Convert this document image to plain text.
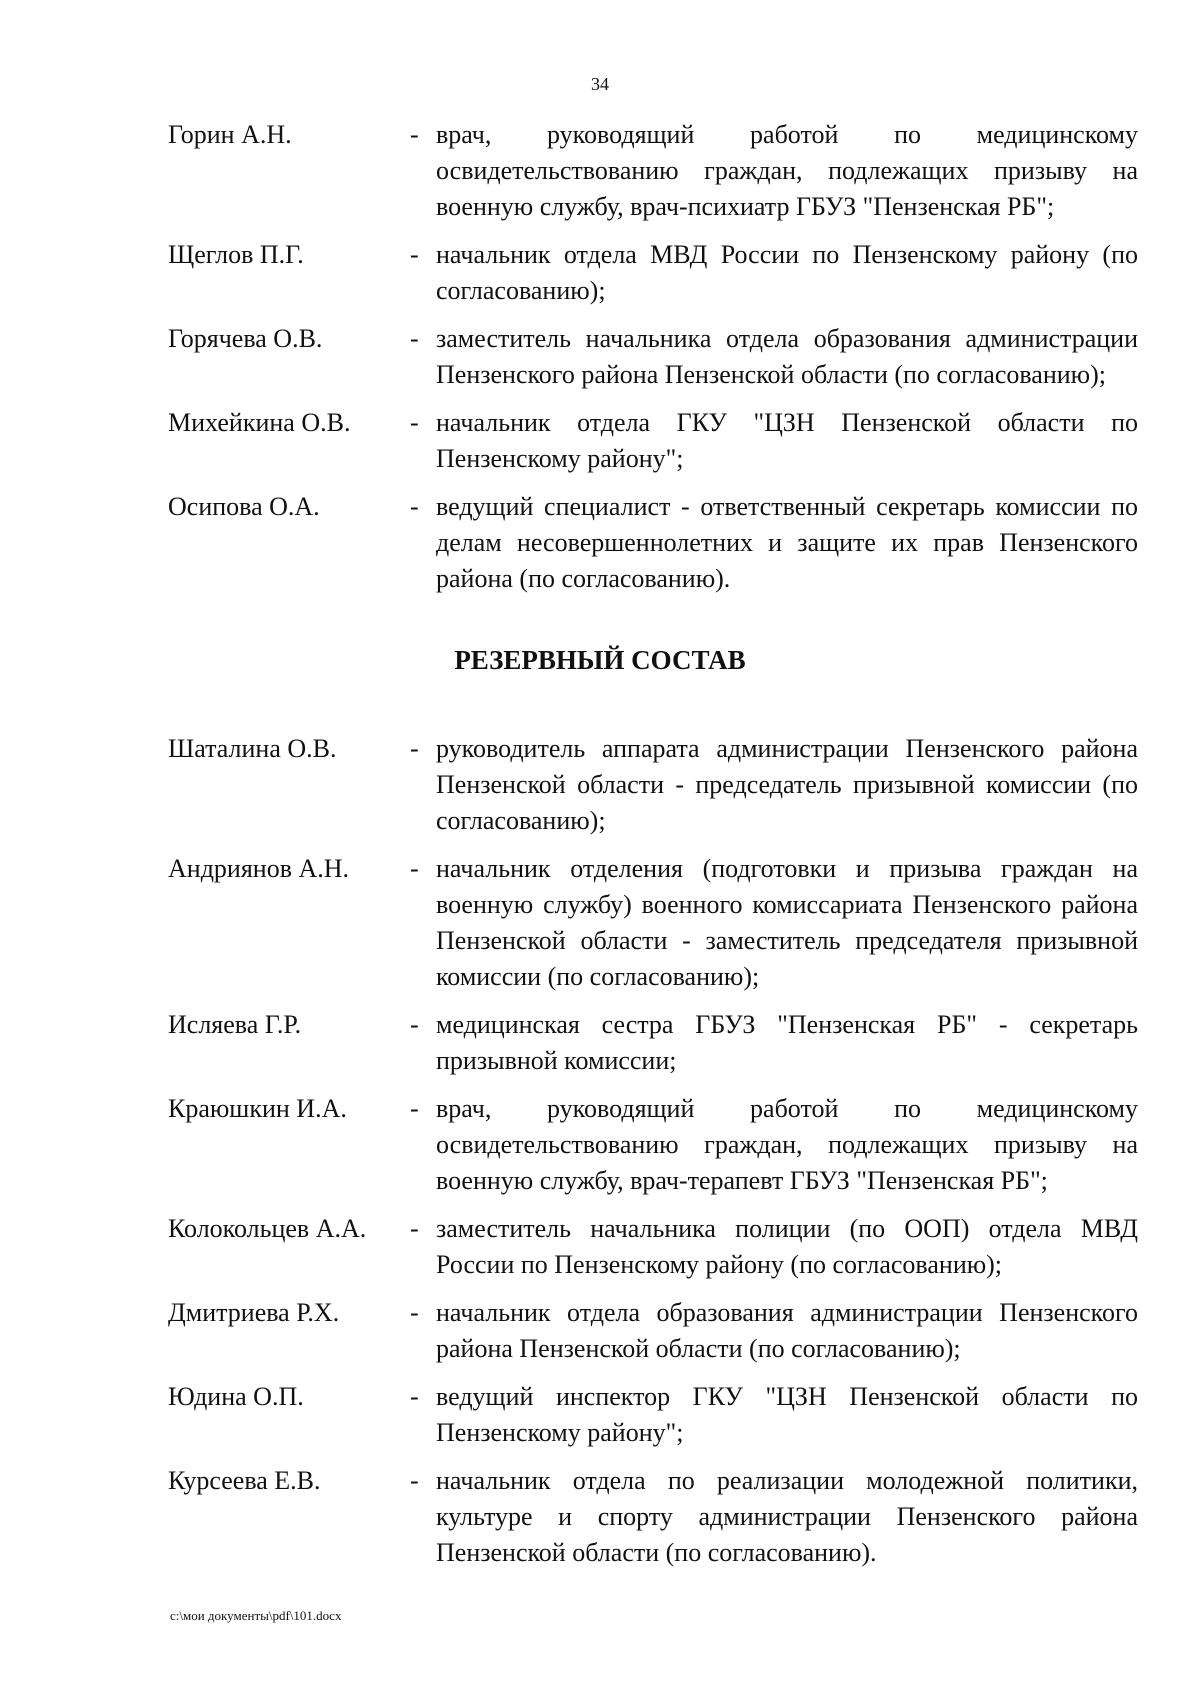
34
Горин А.Н.	- врач, руководящий работой по медицинскому освидетельствованию граждан, подлежащих призыву на военную службу, врач-психиатр ГБУЗ "Пензенская РБ";
Щеглов П.Г.	- начальник отдела МВД России по Пензенскому району (по согласованию);
Горячева О.В.	- заместитель начальника отдела образования администрации Пензенского района Пензенской области (по согласованию);
Михейкина О.В.	- начальник отдела ГКУ "ЦЗН Пензенской области по Пензенскому району";
Осипова О.А.	- ведущий специалист - ответственный секретарь комиссии по делам несовершеннолетних и защите их прав Пензенского района (по согласованию).
РЕЗЕРВНЫЙ СОСТАВ
Шаталина О.В.	- руководитель аппарата администрации Пензенского района Пензенской области - председатель призывной комиссии (по согласованию);
Андриянов А.Н.	- начальник отделения (подготовки и призыва граждан на военную службу) военного комиссариата Пензенского района Пензенской области - заместитель председателя призывной комиссии (по согласованию);
Исляева Г.Р.	- медицинская сестра ГБУЗ "Пензенская РБ" - секретарь призывной комиссии;
Краюшкин И.А.	- врач, руководящий работой по медицинскому освидетельствованию граждан, подлежащих призыву на военную службу, врач-терапевт ГБУЗ "Пензенская РБ";
Колокольцев А.А.	- заместитель начальника полиции (по ООП) отдела МВД России по Пензенскому району (по согласованию);
Дмитриева Р.Х.	- начальник отдела образования администрации Пензенского района Пензенской области (по согласованию);
Юдина О.П.	- ведущий инспектор ГКУ "ЦЗН Пензенской области по Пензенскому району";
Курсеева Е.В.	- начальник отдела по реализации молодежной политики, культуре и спорту администрации Пензенского района Пензенской области (по согласованию).
c:\мои документы\pdf\101.docx
